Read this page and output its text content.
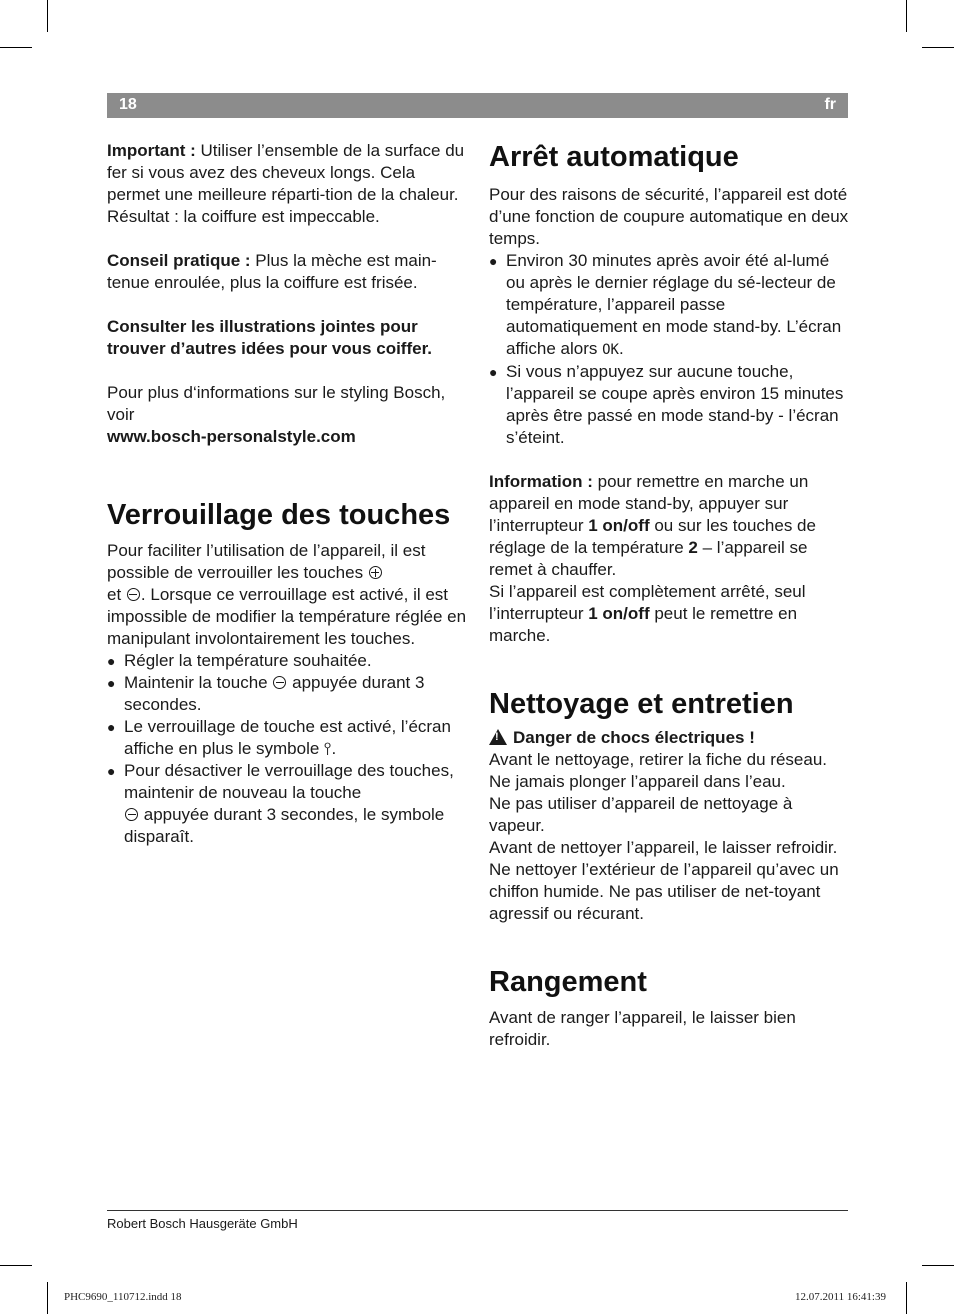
18	fr

Important : Utiliser l’ensemble de la surface du fer si vous avez des cheveux longs. Cela permet une meilleure réparti-tion de la chaleur. Résultat : la coiffure est impeccable.

Conseil pratique : Plus la mèche est main-tenue enroulée, plus la coiffure est frisée.

Consulter les illustrations jointes pour trouver d’autres idées pour vous coiffer.

Pour plus d‘informations sur le styling Bosch, voir

www.bosch-personalstyle.com

Verrouillage des touches

Pour faciliter l’utilisation de l’appareil, il est possible de verrouiller les touches
et . Lorsque ce verrouillage est activé, il est impossible de modifier la température réglée en manipulant involontairement les touches.

● Régler la température souhaitée.
● Maintenir la touche appuyée durant 3 secondes.
● Le verrouillage de touche est activé, l’écran affiche en plus le symbole ⫯.
● Pour désactiver le verrouillage des touches, maintenir de nouveau la touche
appuyée durant 3 secondes, le symbole disparaît.
Arrêt automatique

Pour des raisons de sécurité, l’appareil est doté d’une fonction de coupure automatique en deux temps.

● Environ 30 minutes après avoir été al-lumé ou après le dernier réglage du sé-lecteur de température, l’appareil passe automatiquement en mode stand-by. L’écran affiche alors OK.
● Si vous n’appuyez sur aucune touche, l’appareil se coupe après environ 15 minutes après être passé en mode stand-by - l’écran s’éteint.

Information : pour remettre en marche un appareil en mode stand-by, appuyer sur l’interrupteur 1 on/off ou sur les touches de réglage de la température 2 – l’appareil se remet à chauffer.

Si l’appareil est complètement arrêté, seul l’interrupteur 1 on/off peut le remettre en marche.

Nettoyage et entretien

!Danger de chocs électriques !

Avant le nettoyage, retirer la fiche du réseau.

Ne jamais plonger l’appareil dans l’eau.

Ne pas utiliser d’appareil de nettoyage à vapeur.

Avant de nettoyer l’appareil, le laisser refroidir.

Ne nettoyer l’extérieur de l’appareil qu’avec un chiffon humide. Ne pas utiliser de net-toyant agressif ou récurant.

Rangement

Avant de ranger l’appareil, le laisser bien refroidir.

Robert Bosch Hausgeräte GmbH
PHC9690_110712.indd 18	12.07.2011 16:41:39
